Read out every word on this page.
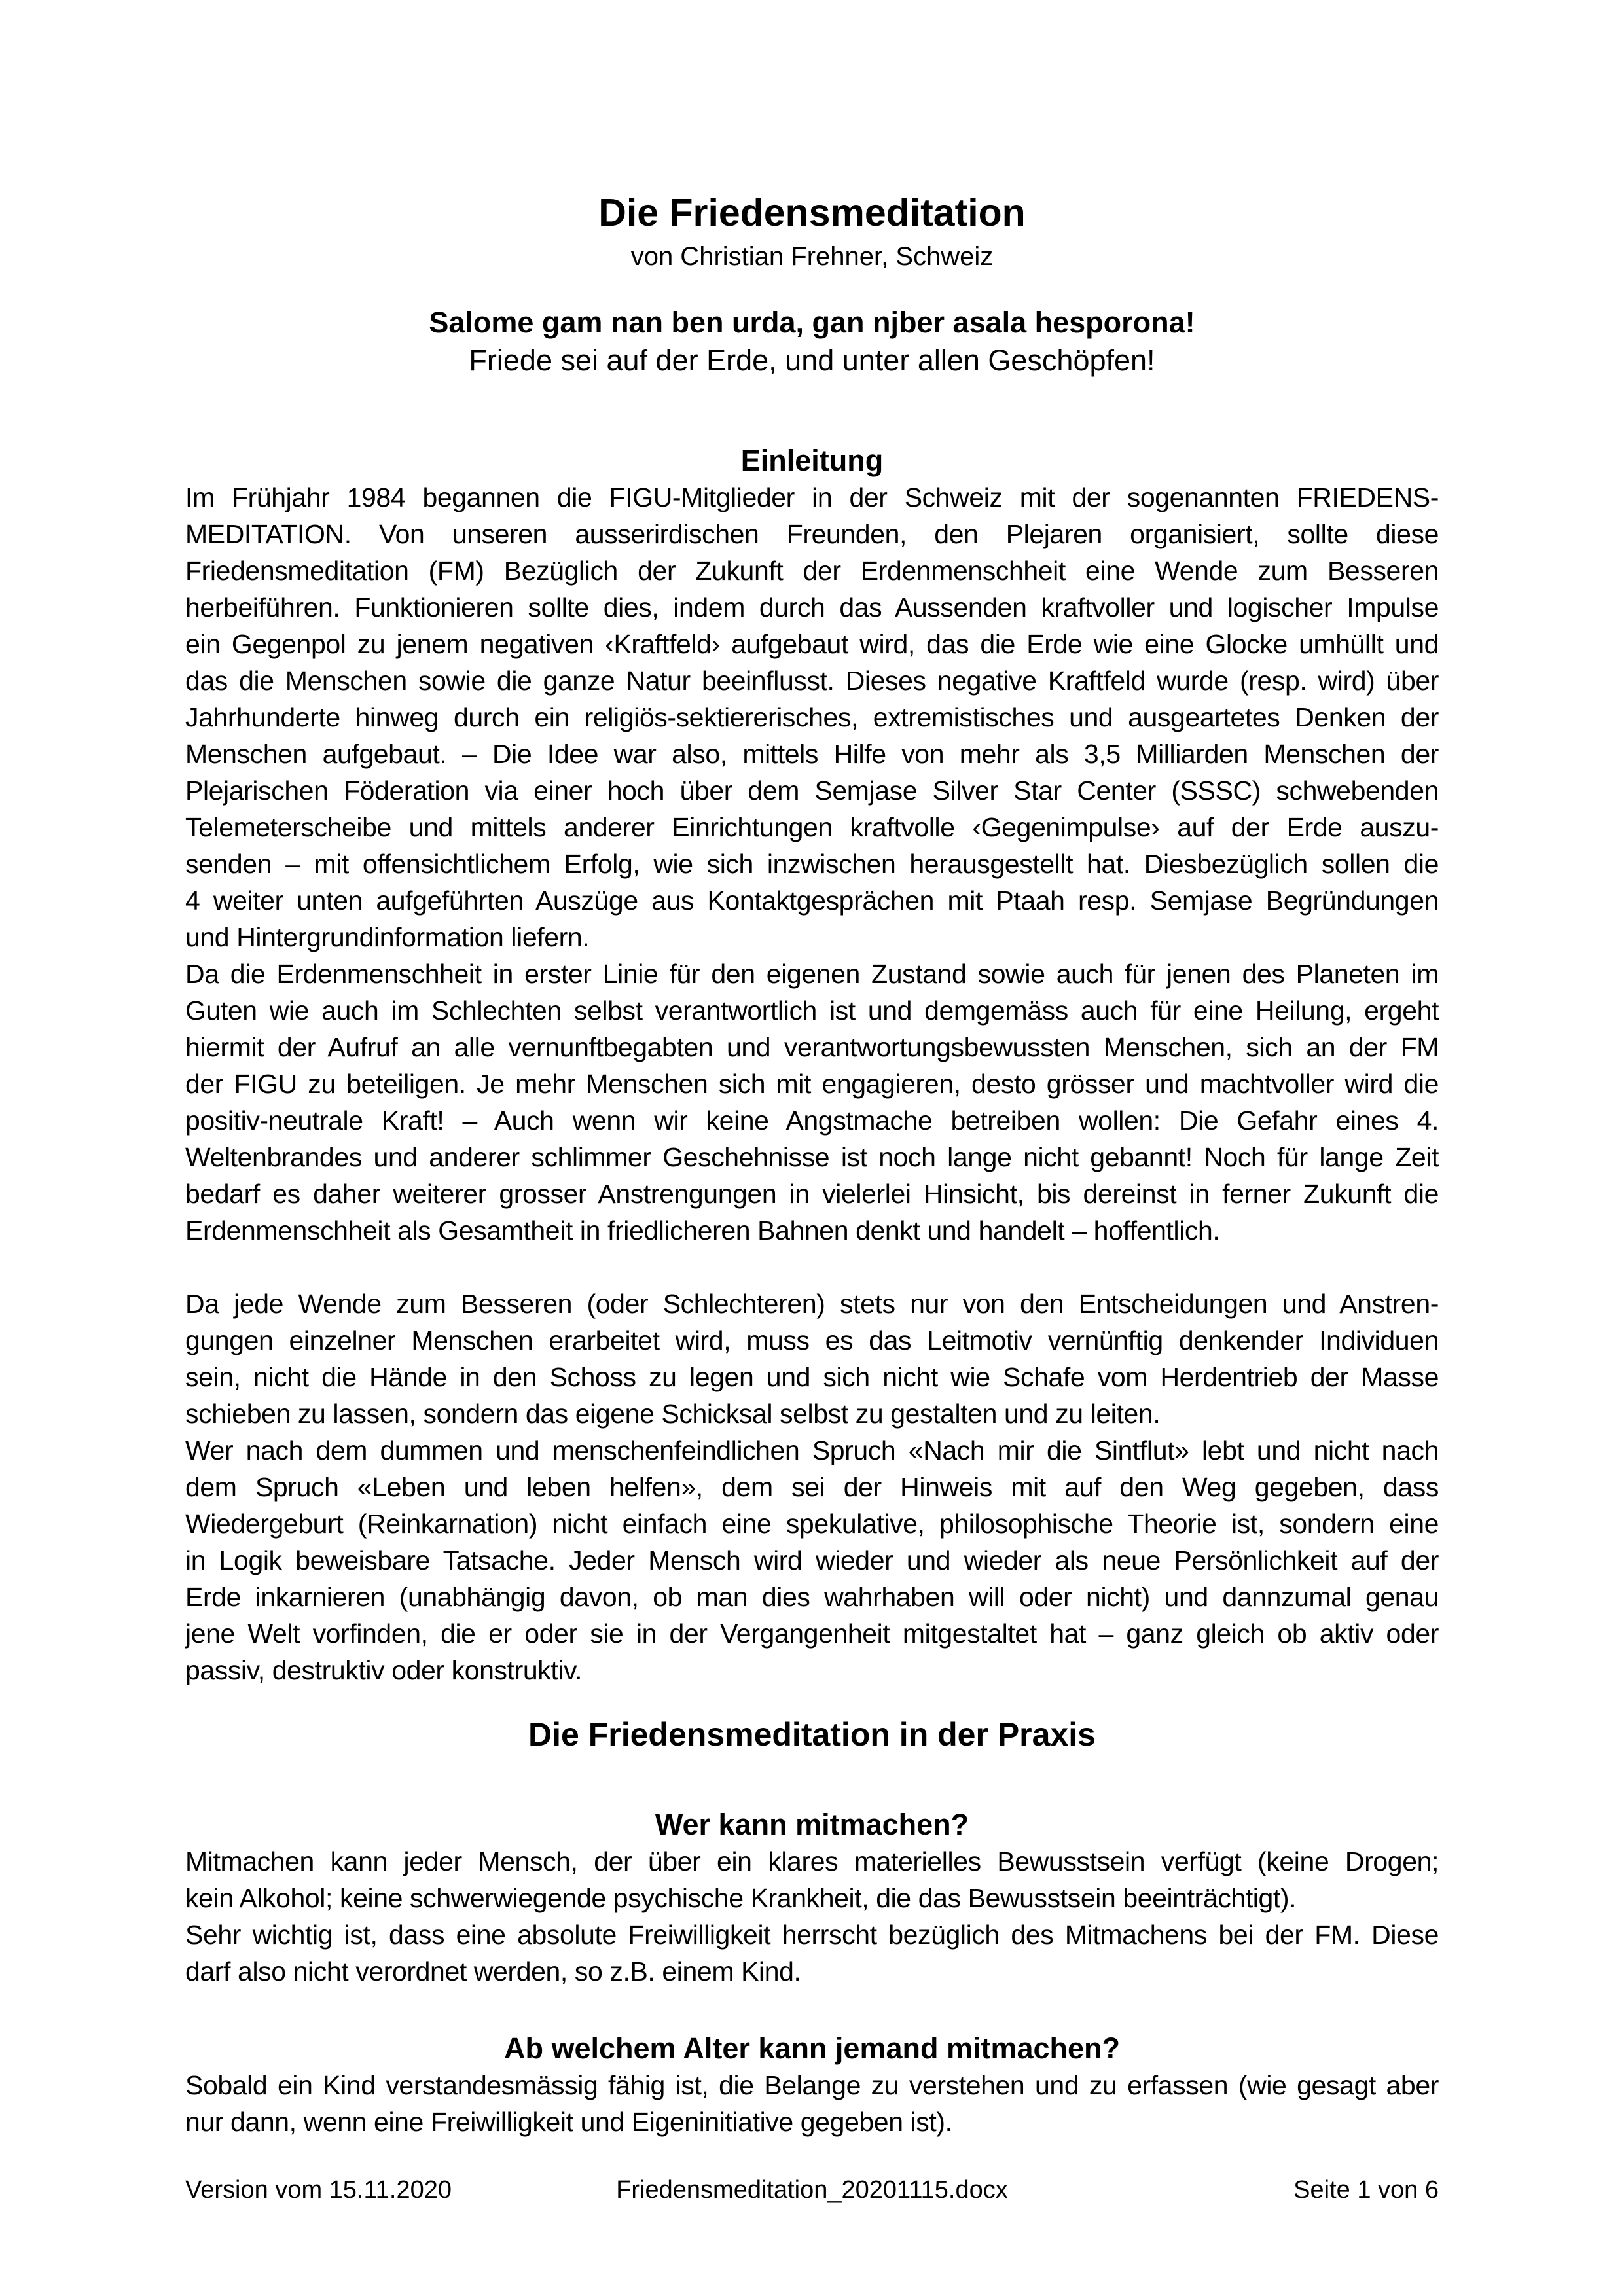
Die Friedensmeditation

von Christian Frehner, Schweiz

Salome gam nan ben urda, gan njber asala hesporona!

Friede sei auf der Erde, und unter allen Geschöpfen!

Einleitung
Im Frühjahr 1984 begannen die FIGU-Mitglieder in der Schweiz mit der sogenannten FRIEDENS-
MEDITATION. Von unseren ausserirdischen Freunden, den Plejaren organisiert, sollte diese
Friedensmeditation (FM) Bezüglich der Zukunft der Erdenmenschheit eine Wende zum Besseren
herbeiführen. Funktionieren sollte dies, indem durch das Aussenden kraftvoller und logischer Impulse
ein Gegenpol zu jenem negativen ‹Kraftfeld› aufgebaut wird, das die Erde wie eine Glocke umhüllt und
das die Menschen sowie die ganze Natur beeinflusst. Dieses negative Kraftfeld wurde (resp. wird) über
Jahrhunderte hinweg durch ein religiös-sektiererisches, extremistisches und ausgeartetes Denken der
Menschen aufgebaut. – Die Idee war also, mittels Hilfe von mehr als 3,5 Milliarden Menschen der
Plejarischen Föderation via einer hoch über dem Semjase Silver Star Center (SSSC) schwebenden
Telemeterscheibe und mittels anderer Einrichtungen kraftvolle ‹Gegenimpulse› auf der Erde auszu-
senden – mit offensichtlichem Erfolg, wie sich inzwischen herausgestellt hat. Diesbezüglich sollen die
4 weiter unten aufgeführten Auszüge aus Kontaktgesprächen mit Ptaah resp. Semjase Begründungen
und Hintergrundinformation liefern.
Da die Erdenmenschheit in erster Linie für den eigenen Zustand sowie auch für jenen des Planeten im
Guten wie auch im Schlechten selbst verantwortlich ist und demgemäss auch für eine Heilung, ergeht
hiermit der Aufruf an alle vernunftbegabten und verantwortungsbewussten Menschen, sich an der FM
der FIGU zu beteiligen. Je mehr Menschen sich mit engagieren, desto grösser und machtvoller wird die
positiv-neutrale Kraft! – Auch wenn wir keine Angstmache betreiben wollen: Die Gefahr eines 4.
Weltenbrandes und anderer schlimmer Geschehnisse ist noch lange nicht gebannt! Noch für lange Zeit
bedarf es daher weiterer grosser Anstrengungen in vielerlei Hinsicht, bis dereinst in ferner Zukunft die
Erdenmenschheit als Gesamtheit in friedlicheren Bahnen denkt und handelt – hoffentlich.
Da jede Wende zum Besseren (oder Schlechteren) stets nur von den Entscheidungen und Anstren-
gungen einzelner Menschen erarbeitet wird, muss es das Leitmotiv vernünftig denkender Individuen
sein, nicht die Hände in den Schoss zu legen und sich nicht wie Schafe vom Herdentrieb der Masse
schieben zu lassen, sondern das eigene Schicksal selbst zu gestalten und zu leiten.
Wer nach dem dummen und menschenfeindlichen Spruch «Nach mir die Sintflut» lebt und nicht nach
dem Spruch «Leben und leben helfen», dem sei der Hinweis mit auf den Weg gegeben, dass
Wiedergeburt (Reinkarnation) nicht einfach eine spekulative, philosophische Theorie ist, sondern eine
in Logik beweisbare Tatsache. Jeder Mensch wird wieder und wieder als neue Persönlichkeit auf der
Erde inkarnieren (unabhängig davon, ob man dies wahrhaben will oder nicht) und dannzumal genau
jene Welt vorfinden, die er oder sie in der Vergangenheit mitgestaltet hat – ganz gleich ob aktiv oder
passiv, destruktiv oder konstruktiv.
Die Friedensmeditation in der Praxis
Wer kann mitmachen?
Mitmachen kann jeder Mensch, der über ein klares materielles Bewusstsein verfügt (keine Drogen;
kein Alkohol; keine schwerwiegende psychische Krankheit, die das Bewusstsein beeinträchtigt).
Sehr wichtig ist, dass eine absolute Freiwilligkeit herrscht bezüglich des Mitmachens bei der FM. Diese
darf also nicht verordnet werden, so z.B. einem Kind.
Ab welchem Alter kann jemand mitmachen?
Sobald ein Kind verstandesmässig fähig ist, die Belange zu verstehen und zu erfassen (wie gesagt aber
nur dann, wenn eine Freiwilligkeit und Eigeninitiative gegeben ist).
Version vom 15.11.2020	Friedensmeditation_20201115.docx	Seite 1 von 6
